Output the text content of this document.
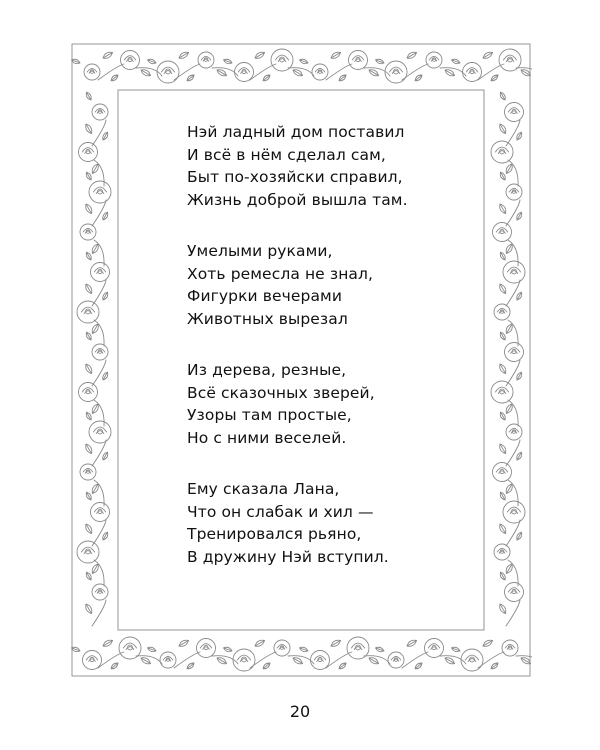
Нэй ладный дом поставил
И всё в нём сделал сам,
Быт по-хозяйски справил,
Жизнь доброй вышла там.
Умелыми руками,
Хоть ремесла не знал,
Фигурки вечерами
Животных вырезал
Из дерева, резные,
Всё сказочных зверей,
Узоры там простые,
Но с ними веселей.
Ему сказала Лана,
Что он слабак и хил —
Тренировался рьяно,
В дружину Нэй вступил.
20
